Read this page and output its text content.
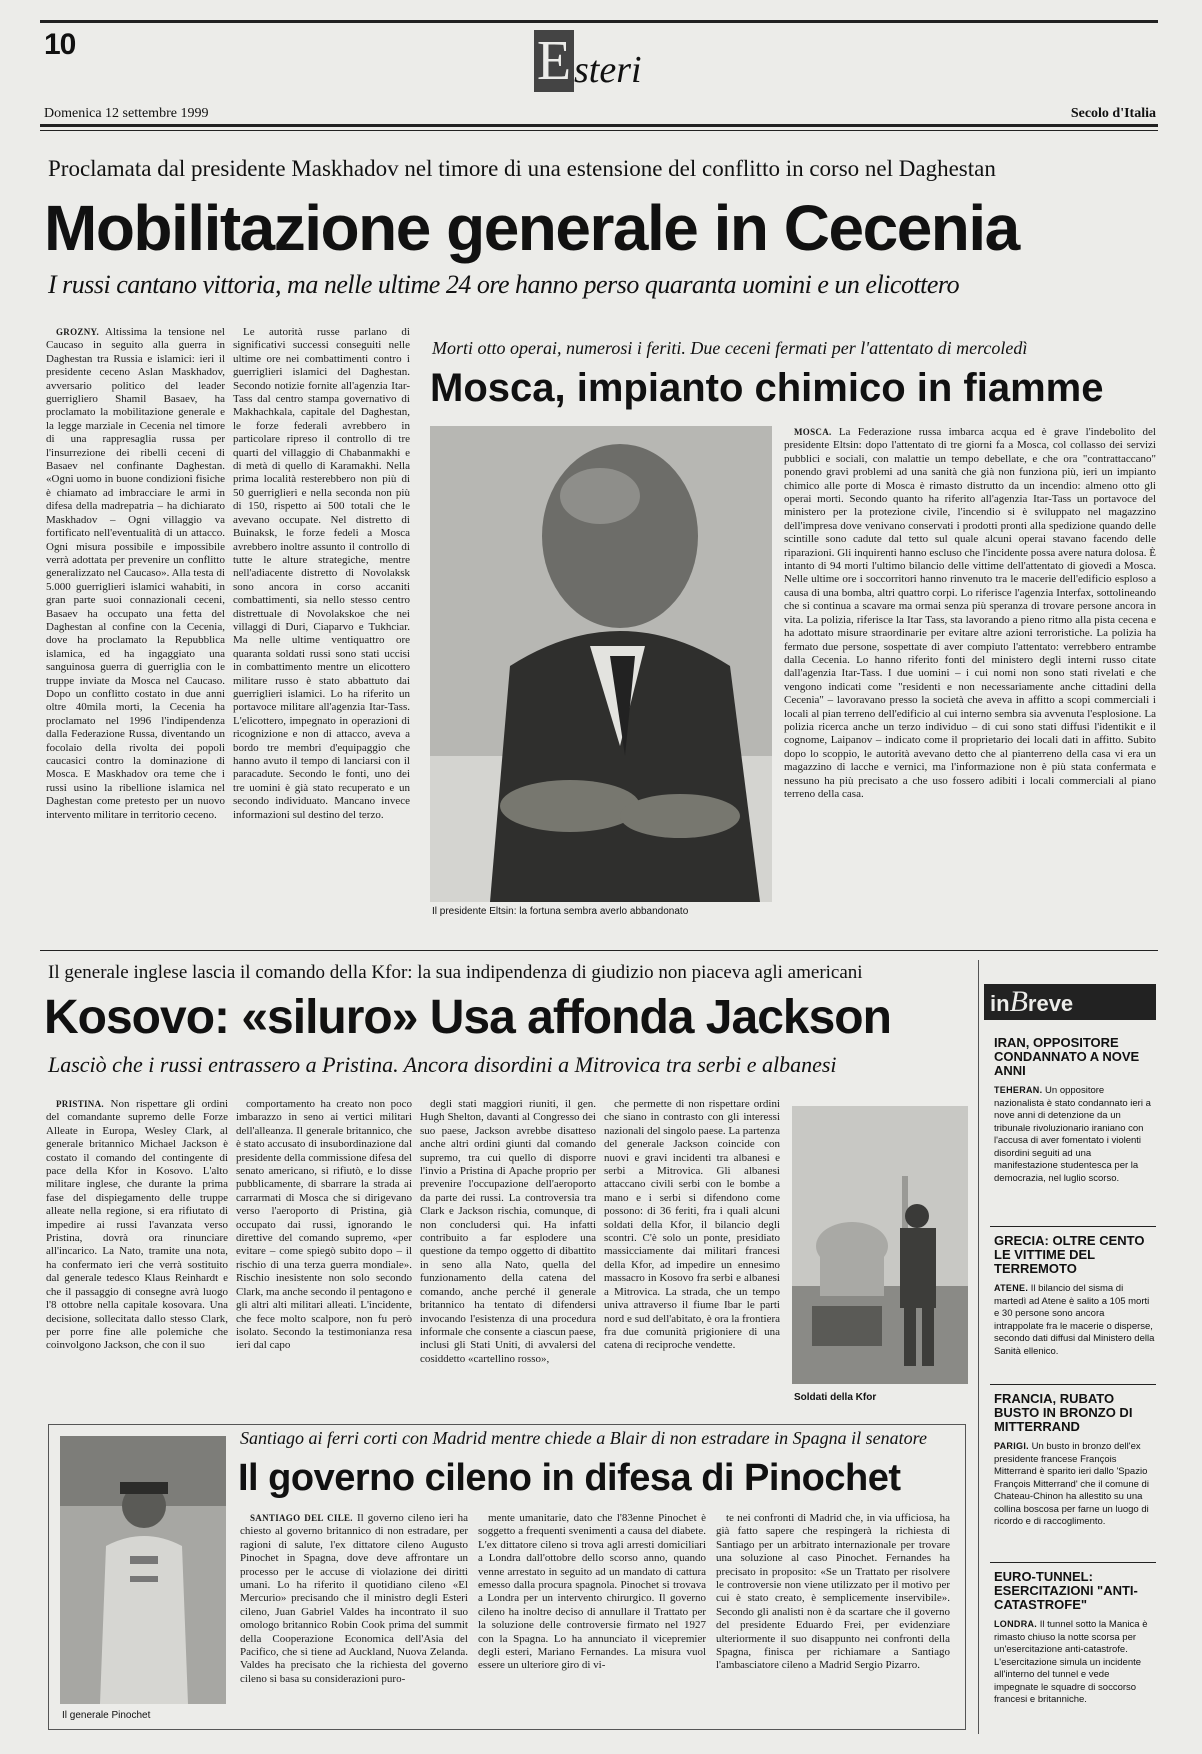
10	Esteri
Domenica 12 settembre 1999	Secolo d'Italia
Proclamata dal presidente Maskhadov nel timore di una estensione del conflitto in corso nel Daghestan
Mobilitazione generale in Cecenia
I russi cantano vittoria, ma nelle ultime 24 ore hanno perso quaranta uomini e un elicottero

GROZNY. Altissima la tensione nel Caucaso in seguito alla guerra in Daghestan tra Russia e islamici: ieri il presidente ceceno Aslan Maskhadov, avversario politico del leader guerrigliero Shamil Basaev, ha proclamato la mobilitazione generale e la legge marziale in Cecenia nel timore di una rappresaglia russa per l'insurrezione dei ribelli ceceni di Basaev nel confinante Daghestan. «Ogni uomo in buone condizioni fisiche è chiamato ad imbracciare le armi in difesa della madrepatria – ha dichiarato Maskhadov – Ogni villaggio va fortificato nell'eventualità di un attacco. Ogni misura possibile e impossibile verrà adottata per prevenire un conflitto generalizzato nel Caucaso». Alla testa di 5.000 guerriglieri islamici wahabiti, in gran parte suoi connazionali ceceni, Basaev ha occupato una fetta del Daghestan al confine con la Cecenia, dove ha proclamato la Repubblica islamica, ed ha ingaggiato una sanguinosa guerra di guerriglia con le truppe inviate da Mosca nel Caucaso. Dopo un conflitto costato in due anni oltre 40mila morti, la Cecenia ha proclamato nel 1996 l'indipendenza dalla Federazione Russa, diventando un focolaio della rivolta dei popoli caucasici contro la dominazione di Mosca. E Maskhadov ora teme che i russi usino la ribellione islamica nel Daghestan come pretesto per un nuovo intervento militare in territorio ceceno.

Le autorità russe parlano di significativi successi conseguiti nelle ultime ore nei combattimenti contro i guerriglieri islamici del Daghestan. Secondo notizie fornite all'agenzia Itar-Tass dal centro stampa governativo di Makhachkala, capitale del Daghestan, le forze federali avrebbero in particolare ripreso il controllo di tre quarti del villaggio di Chabanmakhi e di metà di quello di Karamakhi. Nella prima località resterebbero non più di 50 guerriglieri e nella seconda non più di 150, rispetto ai 500 totali che le avevano occupate. Nel distretto di Buinaksk, le forze fedeli a Mosca avrebbero inoltre assunto il controllo di tutte le alture strategiche, mentre nell'adiacente distretto di Novolaksk sono ancora in corso accaniti combattimenti, sia nello stesso centro distrettuale di Novolakskoe che nei villaggi di Duri, Ciaparvo e Tukhciar. Ma nelle ultime ventiquattro ore quaranta soldati russi sono stati uccisi in combattimento mentre un elicottero militare russo è stato abbattuto dai guerriglieri islamici. Lo ha riferito un portavoce militare all'agenzia Itar-Tass. L'elicottero, impegnato in operazioni di ricognizione e non di attacco, aveva a bordo tre membri d'equipaggio che hanno avuto il tempo di lanciarsi con il paracadute. Secondo le fonti, uno dei tre uomini è già stato recuperato e un secondo individuato. Mancano invece informazioni sul destino del terzo.

Morti otto operai, numerosi i feriti. Due ceceni fermati per l'attentato di mercoledì
Mosca, impianto chimico in fiamme
Il presidente Eltsin: la fortuna sembra averlo abbandonato

MOSCA. La Federazione russa imbarca acqua ed è grave l'indebolito del presidente Eltsin: dopo l'attentato di tre giorni fa a Mosca, col collasso dei servizi pubblici e sociali, con malattie un tempo debellate, e che ora "contrattaccano" ponendo gravi problemi ad una sanità che già non funziona più, ieri un impianto chimico alle porte di Mosca è rimasto distrutto da un incendio: almeno otto gli operai morti. Secondo quanto ha riferito all'agenzia Itar-Tass un portavoce del ministero per la protezione civile, l'incendio si è sviluppato nel magazzino dell'impresa dove venivano conservati i prodotti pronti alla spedizione quando delle scintille sono cadute dal tetto sul quale alcuni operai stavano facendo delle riparazioni. Gli inquirenti hanno escluso che l'incidente possa avere natura dolosa. È intanto di 94 morti l'ultimo bilancio delle vittime dell'attentato di giovedì a Mosca. Nelle ultime ore i soccorritori hanno rinvenuto tra le macerie dell'edificio esploso a causa di una bomba, altri quattro corpi. Lo riferisce l'agenzia Interfax, sottolineando che si continua a scavare ma ormai senza più speranza di trovare persone ancora in vita. La polizia, riferisce la Itar Tass, sta lavorando a pieno ritmo alla pista cecena e ha adottato misure straordinarie per evitare altre azioni terroristiche. La polizia ha fermato due persone, sospettate di aver compiuto l'attentato: verrebbero entrambe dalla Cecenia. Lo hanno riferito fonti del ministero degli interni russo citate dall'agenzia Itar-Tass. I due uomini – i cui nomi non sono stati rivelati e che vengono indicati come "residenti e non necessariamente anche cittadini della Cecenia" – lavoravano presso la società che aveva in affitto a scopi commerciali i locali al pian terreno dell'edificio al cui interno sembra sia avvenuta l'esplosione. La polizia ricerca anche un terzo individuo – di cui sono stati diffusi l'identikit e il cognome, Laipanov – indicato come il proprietario dei locali dati in affitto. Subito dopo lo scoppio, le autorità avevano detto che al pianterreno della casa vi era un magazzino di lacche e vernici, ma l'informazione non è più stata confermata e nessuno ha più precisato a che uso fossero adibiti i locali commerciali al piano terreno della casa.

Il generale inglese lascia il comando della Kfor: la sua indipendenza di giudizio non piaceva agli americani
Kosovo: «siluro» Usa affonda Jackson
Lasciò che i russi entrassero a Pristina. Ancora disordini a Mitrovica tra serbi e albanesi

PRISTINA. Non rispettare gli ordini del comandante supremo delle Forze Alleate in Europa, Wesley Clark, al generale britannico Michael Jackson è costato il comando del contingente di pace della Kfor in Kosovo. L'alto militare inglese, che durante la prima fase del dispiegamento delle truppe alleate nella regione, si era rifiutato di impedire ai russi l'avanzata verso Pristina, dovrà ora rinunciare all'incarico. La Nato, tramite una nota, ha confermato ieri che verrà sostituito dal generale tedesco Klaus Reinhardt e che il passaggio di consegne avrà luogo l'8 ottobre nella capitale kosovara. Una decisione, sollecitata dallo stesso Clark, per porre fine alle polemiche che coinvolgono Jackson, che con il suo

comportamento ha creato non poco imbarazzo in seno ai vertici militari dell'alleanza. Il generale britannico, che è stato accusato di insubordinazione dal presidente della commissione difesa del senato americano, si rifiutò, e lo disse pubblicamente, di sbarrare la strada ai carrarmati di Mosca che si dirigevano verso l'aeroporto di Pristina, già occupato dai russi, ignorando le direttive del comando supremo, «per evitare – come spiegò subito dopo – il rischio di una terza guerra mondiale». Rischio inesistente non solo secondo Clark, ma anche secondo il pentagono e gli altri alti militari alleati. L'incidente, che fece molto scalpore, non fu però isolato. Secondo la testimonianza resa ieri dal capo

degli stati maggiori riuniti, il gen. Hugh Shelton, davanti al Congresso dei suo paese, Jackson avrebbe disatteso anche altri ordini giunti dal comando supremo, tra cui quello di disporre l'invio a Pristina di Apache proprio per prevenire l'occupazione dell'aeroporto da parte dei russi. La controversia tra Clark e Jackson rischia, comunque, di non concludersi qui. Ha infatti contribuito a far esplodere una questione da tempo oggetto di dibattito in seno alla Nato, quella del funzionamento della catena del comando, anche perché il generale britannico ha tentato di difendersi invocando l'esistenza di una procedura informale che consente a ciascun paese, inclusi gli Stati Uniti, di avvalersi del cosiddetto «cartellino rosso»,

che permette di non rispettare ordini che siano in contrasto con gli interessi nazionali del singolo paese. La partenza del generale Jackson coincide con nuovi e gravi incidenti tra albanesi e serbi a Mitrovica. Gli albanesi attaccano civili serbi con le bombe a mano e i serbi si difendono come possono: di 36 feriti, fra i quali alcuni soldati della Kfor, il bilancio degli scontri. C'è solo un ponte, presidiato massicciamente dai militari francesi della Kfor, ad impedire un ennesimo massacro in Kosovo fra serbi e albanesi a Mitrovica. La strada, che un tempo univa attraverso il fiume Ibar le parti nord e sud dell'abitato, è ora la frontiera fra due comunità prigioniere di una catena di reciproche vendette.

Soldati della Kfor
Il generale Pinochet
Santiago ai ferri corti con Madrid mentre chiede a Blair di non estradare in Spagna il senatore
Il governo cileno in difesa di Pinochet

SANTIAGO DEL CILE. Il governo cileno ieri ha chiesto al governo britannico di non estradare, per ragioni di salute, l'ex dittatore cileno Augusto Pinochet in Spagna, dove deve affrontare un processo per le accuse di violazione dei diritti umani. Lo ha riferito il quotidiano cileno «El Mercurio» precisando che il ministro degli Esteri cileno, Juan Gabriel Valdes ha incontrato il suo omologo britannico Robin Cook prima del summit della Cooperazione Economica dell'Asia del Pacifico, che si tiene ad Auckland, Nuova Zelanda. Valdes ha precisato che la richiesta del governo cileno si basa su considerazioni puro-

mente umanitarie, dato che l'83enne Pinochet è soggetto a frequenti svenimenti a causa del diabete. L'ex dittatore cileno si trova agli arresti domiciliari a Londra dall'ottobre dello scorso anno, quando venne arrestato in seguito ad un mandato di cattura emesso dalla procura spagnola. Pinochet si trovava a Londra per un intervento chirurgico. Il governo cileno ha inoltre deciso di annullare il Trattato per la soluzione delle controversie firmato nel 1927 con la Spagna. Lo ha annunciato il vicepremier degli esteri, Mariano Fernandes. La misura vuol essere un ulteriore giro di vi-

te nei confronti di Madrid che, in via ufficiosa, ha già fatto sapere che respingerà la richiesta di Santiago per un arbitrato internazionale per trovare una soluzione al caso Pinochet. Fernandes ha precisato in proposito: «Se un Trattato per risolvere le controversie non viene utilizzato per il motivo per cui è stato creato, è semplicemente inservibile». Secondo gli analisti non è da scartare che il governo del presidente Eduardo Frei, per evidenziare ulteriormente il suo disappunto nei confronti della Spagna, finisca per richiamare a Santiago l'ambasciatore cileno a Madrid Sergio Pizarro.

inBreve
IRAN, OPPOSITORE CONDANNATO A NOVE ANNI
TEHERAN. Un oppositore nazionalista è stato condannato ieri a nove anni di detenzione da un tribunale rivoluzionario iraniano con l'accusa di aver fomentato i violenti disordini seguiti ad una manifestazione studentesca per la democrazia, nel luglio scorso.
GRECIA: OLTRE CENTO LE VITTIME DEL TERREMOTO
ATENE. Il bilancio del sisma di martedì ad Atene è salito a 105 morti e 30 persone sono ancora intrappolate fra le macerie o disperse, secondo dati diffusi dal Ministero della Sanità ellenico.
FRANCIA, RUBATO BUSTO IN BRONZO DI MITTERRAND
PARIGI. Un busto in bronzo dell'ex presidente francese François Mitterrand è sparito ieri dallo 'Spazio François Mitterrand' che il comune di Chateau-Chinon ha allestito su una collina boscosa per farne un luogo di ricordo e di raccoglimento.
EURO-TUNNEL: ESERCITAZIONI "ANTI-CATASTROFE"
LONDRA. Il tunnel sotto la Manica è rimasto chiuso la notte scorsa per un'esercitazione anti-catastrofe. L'esercitazione simula un incidente all'interno del tunnel e vede impegnate le squadre di soccorso francesi e britanniche.
